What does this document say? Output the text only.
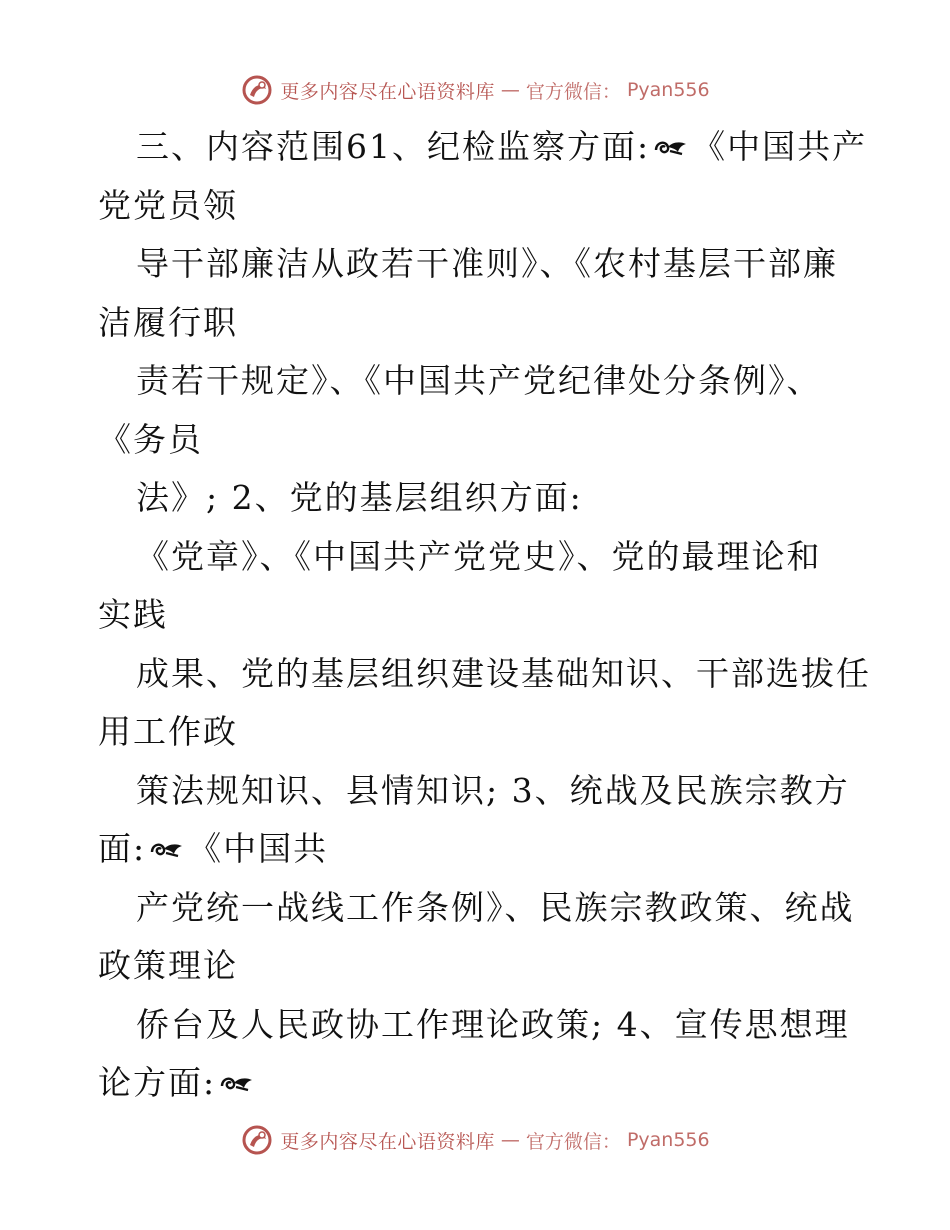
更多内容尽在心语资料库 — 官方微信： Pyan556
三、内容范围61、纪检监察方面: 《中国共产
党党员领
导干部廉洁从政若干准则》、《农村基层干部廉
洁履行职
责若干规定》、《中国共产党纪律处分条例》、
《务员
法》; 2、党的基层组织方面:
《党章》、《中国共产党党史》、党的最理论和
实践
成果、党的基层组织建设基础知识、干部选拔任
用工作政
策法规知识、县情知识; 3、统战及民族宗教方
面: 《中国共
产党统一战线工作条例》、民族宗教政策、统战
政策理论
侨台及人民政协工作理论政策; 4、宣传思想理
论方面:
更多内容尽在心语资料库 — 官方微信： Pyan556
